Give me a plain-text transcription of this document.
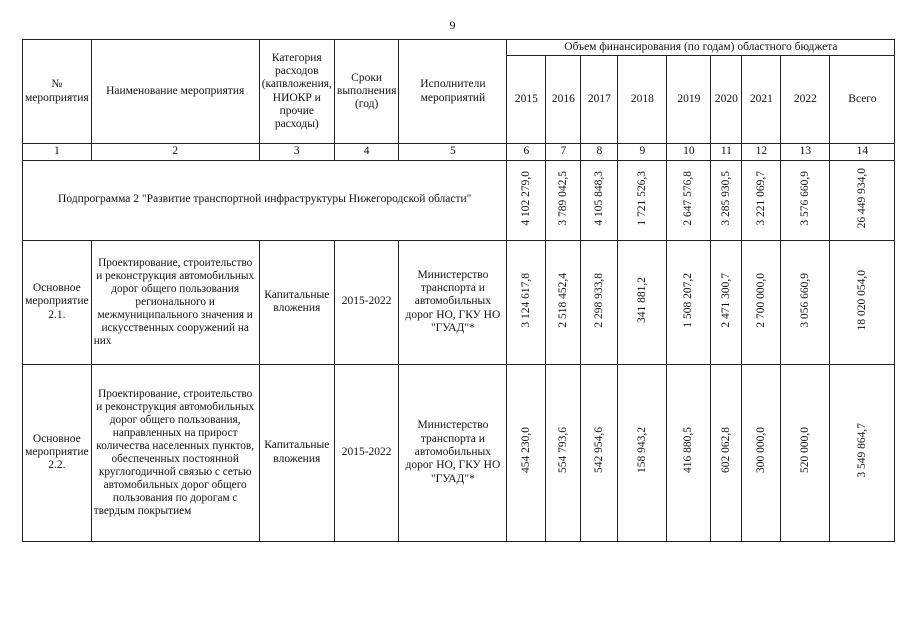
9
№ мероприятия	Наименование мероприятия	Категория расходов (капвложения, НИОКР и прочие расходы)	Сроки выполнения (год)	Исполнители мероприятий	Объем финансирования (по годам) областного бюджета								
					2015	2016	2017	2018	2019	2020	2021	2022	Всего
1	2	3	4	5	6	7	8	9	10	11	12	13	14
Подпрограмма 2 "Развитие транспортной инфраструктуры Нижегородской области"					4 102 279,0	3 789 042,5	4 105 848,3	1 721 526,3	2 647 576,8	3 285 930,5	3 221 069,7	3 576 660,9	26 449 934,0
Основное мероприятие 2.1.	Проектирование, строительство и реконструкция автомобильных дорог общего пользования регионального и межмуниципального значения и искусственных сооружений на них	Капитальные вложения	2015-2022	Министерство транспорта и автомобильных дорог НО, ГКУ НО "ГУАД"*	3 124 617,8	2 518 452,4	2 298 933,8	341 881,2	1 508 207,2	2 471 300,7	2 700 000,0	3 056 660,9	18 020 054,0
Основное мероприятие 2.2.	Проектирование, строительство и реконструкция автомобильных дорог общего пользования, направленных на прирост количества населенных пунктов, обеспеченных постоянной круглогодичной связью с сетью автомобильных дорог общего пользования по дорогам с твердым покрытием	Капитальные вложения	2015-2022	Министерство транспорта и автомобильных дорог НО, ГКУ НО "ГУАД"*	454 230,0	554 793,6	542 954,6	158 943,2	416 880,5	602 062,8	300 000,0	520 000,0	3 549 864,7
